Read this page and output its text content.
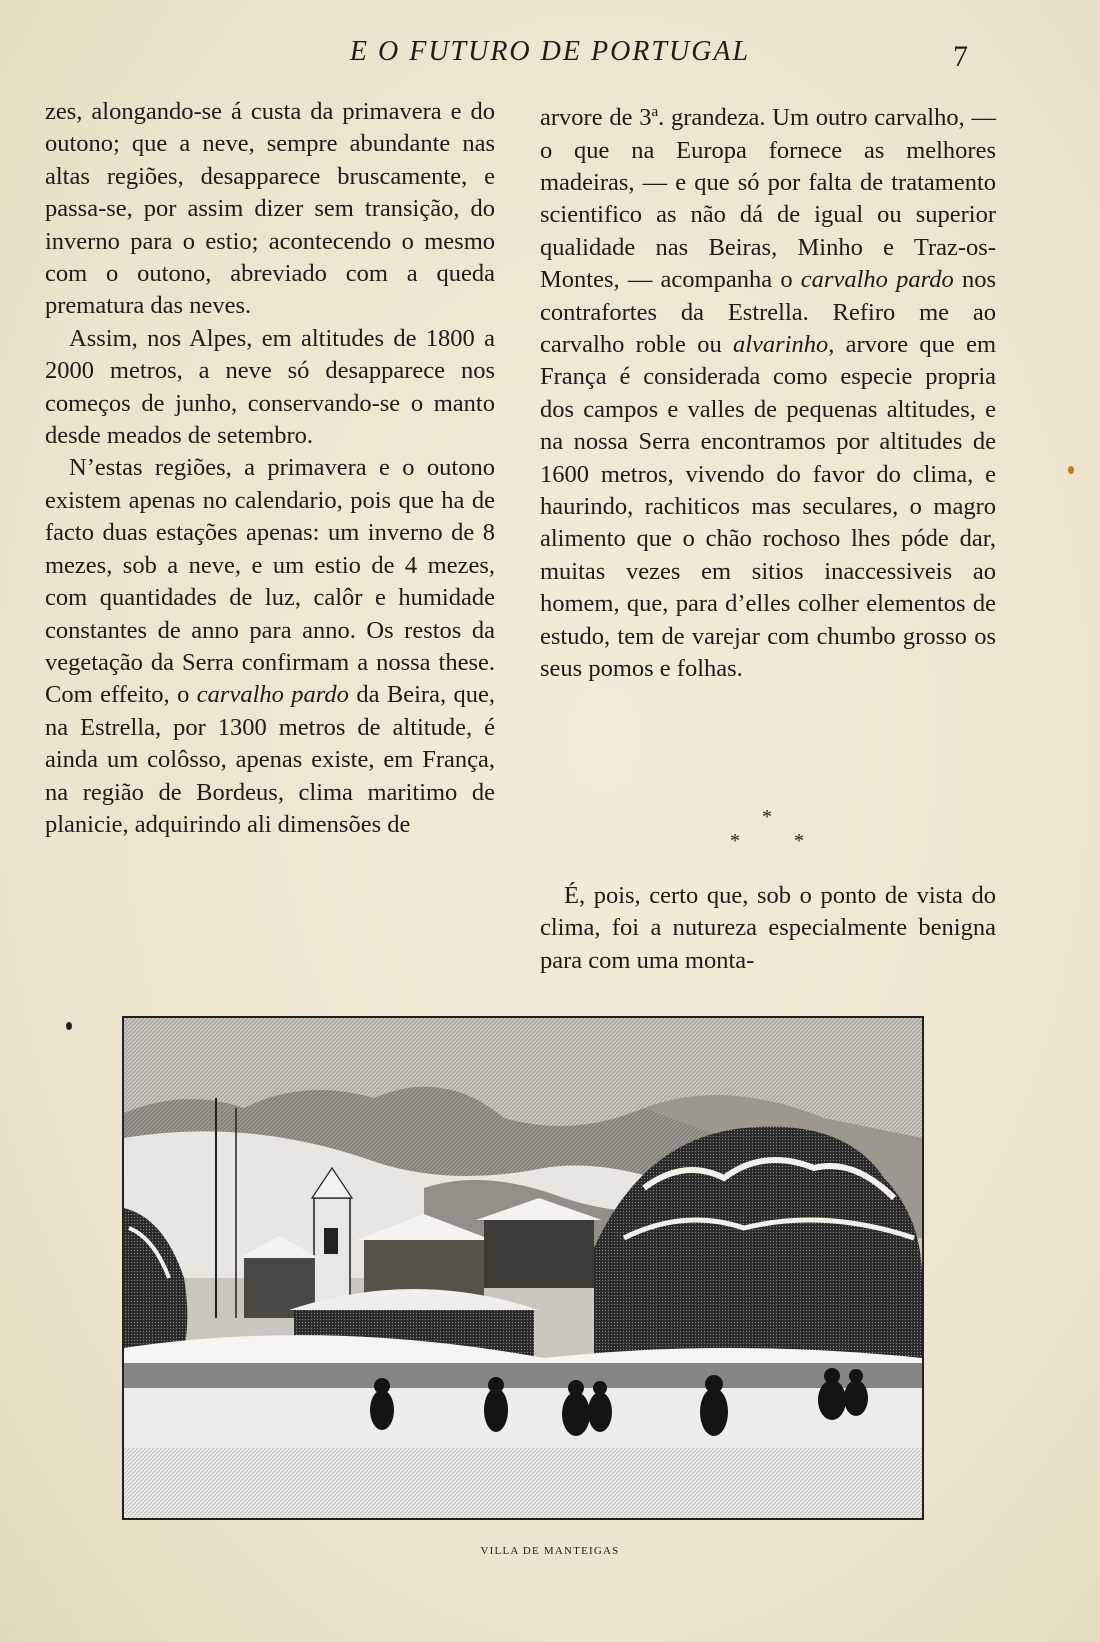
E O FUTURO DE PORTUGAL	7

zes, alongando-se á custa da primavera e do outono; que a neve, sempre abundante nas altas regiões, desapparece bruscamente, e passa-se, por assim dizer sem transição, do inverno para o estio; acontecendo o mesmo com o outono, abreviado com a queda prematura das neves.

Assim, nos Alpes, em altitudes de 1800 a 2000 metros, a neve só desapparece nos começos de junho, conservando-se o manto desde meados de setembro.

N’estas regiões, a primavera e o outono existem apenas no calendario, pois que ha de facto duas estações apenas: um inverno de 8 mezes, sob a neve, e um estio de 4 mezes, com quantidades de luz, calôr e humidade constantes de anno para anno. Os restos da vegetação da Serra confirmam a nossa these. Com effeito, o carvalho pardo da Beira, que, na Estrella, por 1300 metros de altitude, é ainda um colôsso, apenas existe, em França, na região de Bordeus, clima maritimo de planicie, adquirindo ali dimensões de

arvore de 3$^a$. grandeza. Um outro carvalho, — o que na Europa fornece as melhores madeiras, — e que só por falta de tratamento scientifico as não dá de igual ou superior qualidade nas Beiras, Minho e Traz-os-Montes, — acompanha o carvalho pardo nos contrafortes da Estrella. Refiro me ao carvalho roble ou alvarinho, arvore que em França é considerada como especie propria dos campos e valles de pequenas altitudes, e na nossa Serra encontramos por altitudes de 1600 metros, vivendo do favor do clima, e haurindo, rachiticos mas seculares, o magro alimento que o chão rochoso lhes póde dar, muitas vezes em sitios inaccessiveis ao homem, que, para d’elles colher elementos de estudo, tem de varejar com chumbo grosso os seus pomos e folhas.

*
*	*

É, pois, certo que, sob o ponto de vista do clima, foi a nutureza especialmente benigna para com uma monta-

VILLA DE MANTEIGAS
